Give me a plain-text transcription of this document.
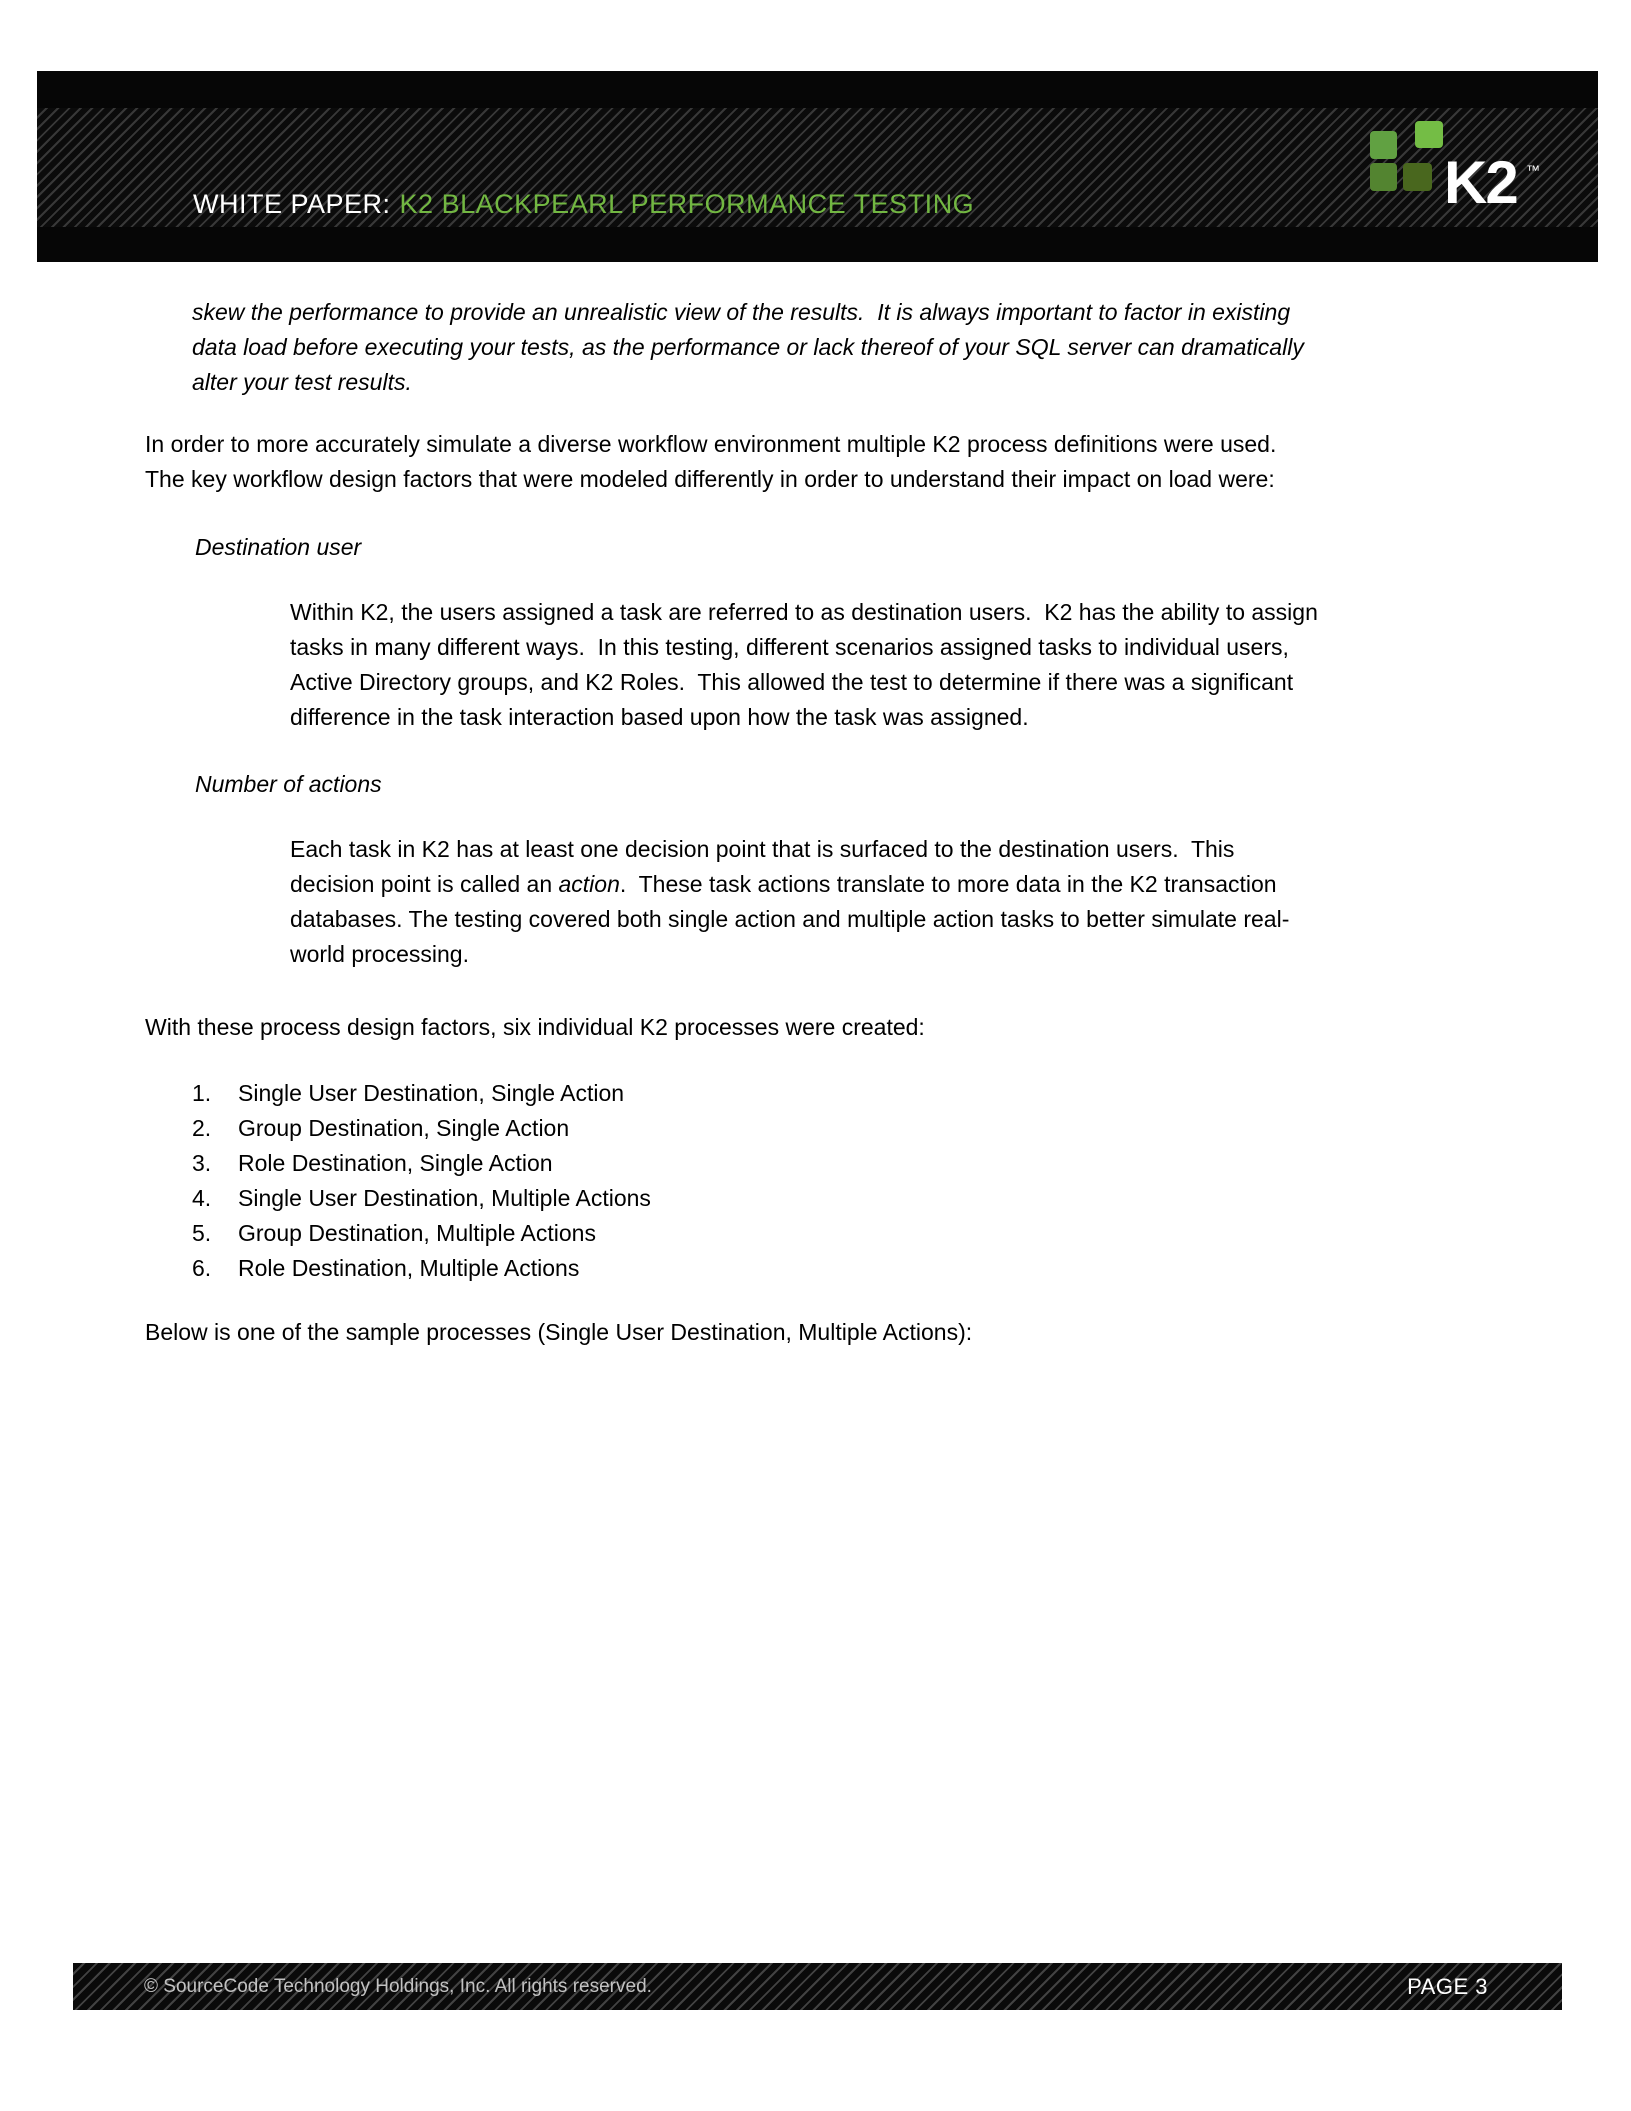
WHITE PAPER: K2 BLACKPEARL PERFORMANCE TESTING
	K2 ™
skew the performance to provide an unrealistic view of the results.  It is always important to factor in existing
data load before executing your tests, as the performance or lack thereof of your SQL server can dramatically
alter your test results.
In order to more accurately simulate a diverse workflow environment multiple K2 process definitions were used.
The key workflow design factors that were modeled differently in order to understand their impact on load were:
Destination user
Within K2, the users assigned a task are referred to as destination users.  K2 has the ability to assign
tasks in many different ways.  In this testing, different scenarios assigned tasks to individual users,
Active Directory groups, and K2 Roles.  This allowed the test to determine if there was a significant
difference in the task interaction based upon how the task was assigned.
Number of actions
Each task in K2 has at least one decision point that is surfaced to the destination users.  This
decision point is called an action.  These task actions translate to more data in the K2 transaction
databases. The testing covered both single action and multiple action tasks to better simulate real-
world processing.
With these process design factors, six individual K2 processes were created:
1. Single User Destination, Single Action
2. Group Destination, Single Action
3. Role Destination, Single Action
4. Single User Destination, Multiple Actions
5. Group Destination, Multiple Actions
6. Role Destination, Multiple Actions
Below is one of the sample processes (Single User Destination, Multiple Actions):
© SourceCode Technology Holdings, Inc. All rights reserved.	PAGE 3
